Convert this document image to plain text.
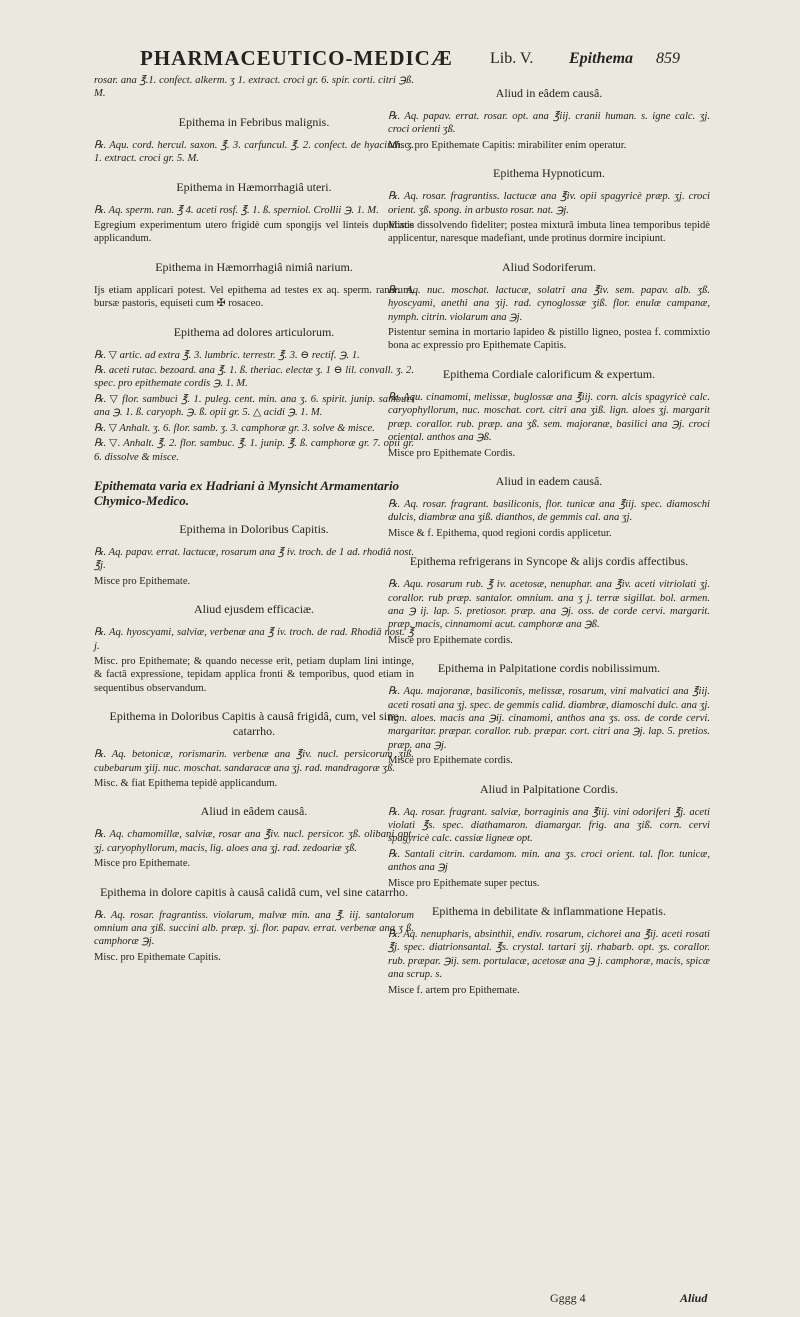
PHARMACEUTICO-MEDICÆ Lib. V. Epithema 859
rosar. ana ℥.1. confect. alkerm. ʒ 1. extract. croci gr. 6. spir. corti. citri ℈ß. M.
Epithema in Febribus malignis.
℞. Aqu. cord. hercul. saxon. ℥. 3. carfuncul. ℥. 2. confect. de hyacinth. ʒ. 1. extract. croci gr. 5. M.
Epithema in Hæmorrhagiâ uteri.
℞. Aq. sperm. ran. ℥ 4. aceti rosf. ℥. 1. ß. sperniol. Crollii ℈. 1. M.
Egregium experimentum utero frigidè cum spongijs vel linteis duplicatis applicandum.
Epithema in Hæmorrhagiâ nimiâ narium.
Ijs etiam applicari potest. Vel epithema ad testes ex aq. sperm. ranarum, bursæ pastoris, equiseti cum ✠ rosaceo.
Epithema ad dolores articulorum.
℞. ▽ artic. ad extra ℥. 3. lumbric. terrestr. ℥. 3. ⊖ rectif. ℈. 1.
℞. aceti rutac. bezoard. ana ℥. 1. ß. theriac. electæ ʒ. 1 ⊖ lil. convall. ʒ. 2. spec. pro epithemate cordis ℈. 1. M.
℞. ▽ flor. sambuci ℥. 1. puleg. cent. min. ana ʒ. 6. spirit. junip. sambuci ana ℈. 1. ß. caryoph. ℈. ß. opii gr. 5. △ acidi ℈. 1. M.
℞. ▽ Anhalt. ʒ. 6. flor. samb. ʒ. 3. camphoræ gr. 3. solve & misce.
℞. ▽. Anhalt. ℥. 2. flor. sambuc. ℥. 1. junip. ℥. ß. camphoræ gr. 7. opii gr. 6. dissolve & misce.
Epithemata varia ex Hadriani à Mynsicht Armamentario Chymico-Medico.
Epithema in Doloribus Capitis.
℞. Aq. papav. errat. lactucæ, rosarum ana ℥ iv. troch. de 1 ad. rhodiâ nost. ℥j.
Misce pro Epithemate.
Aliud ejusdem efficaciæ.
℞. Aq. hyoscyami, salviæ, verbenæ ana ℥ iv. troch. de rad. Rhodiâ nost. ℥ j.
Misc. pro Epithemate; & quando necesse erit, petiam duplam lini intinge, & factâ expressione, tepidam applica fronti & temporibus, quod etiam in sequentibus observandum.
Epithema in Doloribus Capitis à causâ frigidâ, cum, vel sine catarrho.
℞. Aq. betonicæ, rorismarin. verbenæ ana ℥iv. nucl. persicorum ʒiß. cubebarum ʒiij. nuc. moschat. sandaracæ ana ʒj. rad. mandragoræ ʒß.
Misc. & fiat Epithema tepidè applicandum.
Aliud in eâdem causâ.
℞. Aq. chamomillæ, salviæ, rosar ana ℥iv. nucl. persicor. ʒß. olibani opt. ʒj. caryophyllorum, macis, lig. aloes ana ʒj. rad. zedoariæ ʒß.
Misce pro Epithemate.
Epithema in dolore capitis à causâ calidâ cum, vel sine catarrho.
℞. Aq. rosar. fragrantiss. violarum, malvæ min. ana ℥. iij. santalorum omnium ana ʒiß. succini alb. præp. ʒj. flor. papav. errat. verbenæ ana ʒ ß. camphoræ ℈j.
Misc. pro Epithemate Capitis.
Aliud in eâdem causâ.
℞. Aq. papav. errat. rosar. opt. ana ℥iij. cranii human. s. igne calc. ʒj. croci orienti ʒß.
Misc. pro Epithemate Capitis: mirabiliter enim operatur.
Epithema Hypnoticum.
℞. Aq. rosar. fragrantiss. lactucæ ana ℥iv. opii spagyricè præp. ʒj. croci orient. ʒß. spong. in arbusto rosar. nat. ℈j.
Misce dissolvendo fideliter; postea mixturâ imbuta linea temporibus tepidè applicentur, naresque madefiant, unde protinus dormire incipiunt.
Aliud Sodoriferum.
℞. Aq. nuc. moschat. lactucæ, solatri ana ℥iv. sem. papav. alb. ʒß. hyoscyami, anethi ana ʒij. rad. cynoglossæ ʒiß. flor. enulæ campanæ, nymph. citrin. violarum ana ℈j.
Pistentur semina in mortario lapideo & pistillo ligneo, postea f. commixtio bona ac expressio pro Epithemate Capitis.
Epithema Cordiale calorificum & expertum.
℞. Aqu. cinamomi, melissæ, buglossæ ana ℥iij. corn. alcis spagyricè calc. caryophyllorum, nuc. moschat. cort. citri ana ʒiß. lign. aloes ʒj. margarit præp. corallor. rub. præp. ana ʒß. sem. majoranæ, basilici ana ℈j. croci oriental. anthos ana ℈ß.
Misce pro Epithemate Cordis.
Aliud in eadem causâ.
℞. Aq. rosar. fragrant. basiliconis, flor. tunicæ ana ℥iij. spec. diamoschi dulcis, diambræ ana ʒiß. dianthos, de gemmis cal. ana ʒj.
Misce & f. Epithema, quod regioni cordis applicetur.
Epithema refrigerans in Syncope & alijs cordis affectibus.
℞. Aqu. rosarum rub. ℥ iv. acetosæ, nenuphar. ana ℥iv. aceti vitriolati ʒj. corallor. rub præp. santalor. omnium. ana ʒ j. terræ sigillat. bol. armen. ana ℈ ij. lap. 5. pretiosor. præp. ana ℈j. oss. de corde cervi. margarit. præp. macis, cinnamomi acut. camphoræ ana ℈ß.
Misce pro Epithemate cordis.
Epithema in Palpitatione cordis nobilissimum.
℞. Aqu. majoranæ, basiliconis, melissæ, rosarum, vini malvatici ana ℥iij. aceti rosati ana ʒj. spec. de gemmis calid. diambræ, diamoschi dulc. ana ʒj. lign. aloes. macis ana ℈ij. cinamomi, anthos ana ʒs. oss. de corde cervi. margaritar. præpar. corallor. rub. præpar. cort. citri ana ℈j. lap. 5. pretios. præp. ana ℈j.
Misce pro Epithemate cordis.
Aliud in Palpitatione Cordis.
℞. Aq. rosar. fragrant. salviæ, borraginis ana ℥iij. vini odoriferi ℥j. aceti violati ℥s. spec. diathamaron. diamargar. frig. ana ʒiß. corn. cervi spagyricè calc. cassiæ ligneæ opt.
℞. Santali citrin. cardamom. min. ana ʒs. croci orient. tal. flor. tunicæ, anthos ana ℈j
Misce pro Epithemate super pectus.
Epithema in debilitate & inflammatione Hepatis.
℞. Aq. nenupharis, absinthii, endiv. rosarum, cichorei ana ℥ij. aceti rosati ℥j. spec. diatrionsantal. ℥s. crystal. tartari ʒij. rhabarb. opt. ʒs. corallor. rub. præpar. ℈ij. sem. portulacæ, acetosæ ana ℈ j. camphoræ, macis, spicæ ana scrup. s.
Misce f. artem pro Epithemate.
Gggg 4	Aliud
